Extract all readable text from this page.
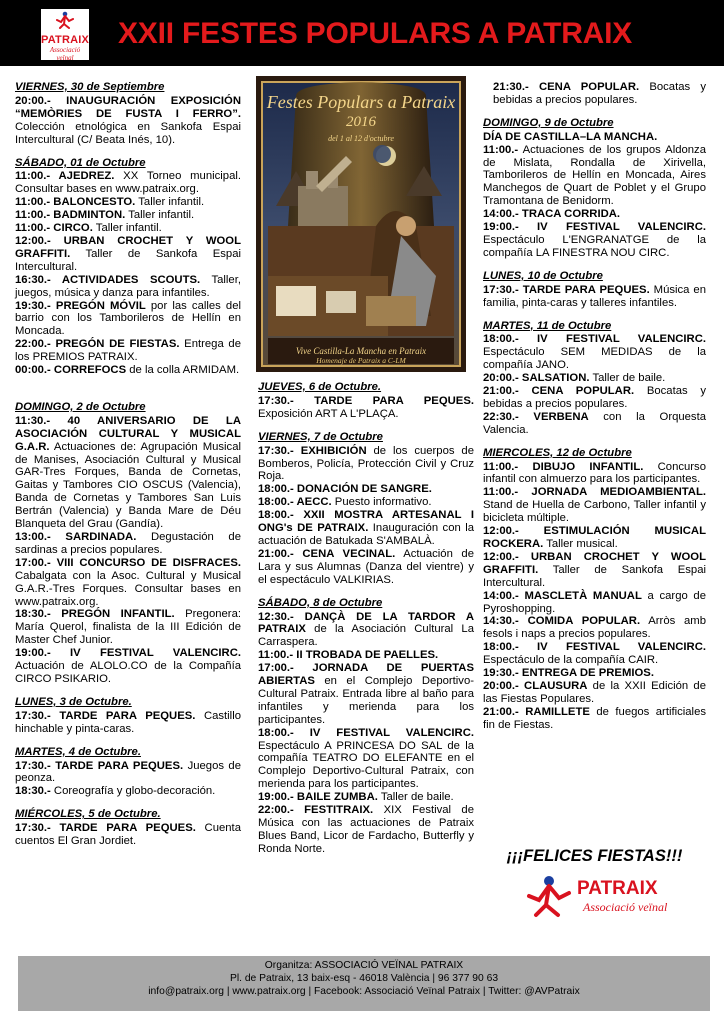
PATRAIX
Associació veïnal
XXII FESTES POPULARS A PATRAIX
VIERNES, 30 de Septiembre
20:00.- INAUGURACIÓN EXPOSICIÓN “MEMÒRIES DE FUSTA I FERRO”. Colección etnológica en Sankofa Espai Intercultural (C/ Beata Inés, 10).
SÁBADO, 01 de Octubre
11:00.- AJEDREZ. XX Torneo municipal. Consultar bases en www.patraix.org.
11:00.- BALONCESTO. Taller infantil.
11:00.- BADMINTON. Taller infantil.
11:00.- CIRCO. Taller infantil.
12:00.- URBAN CROCHET Y WOOL GRAFFITI. Taller de Sankofa Espai Intercultural.
16:30.- ACTIVIDADES SCOUTS. Taller, juegos, música y danza para infantiles.
19:30.- PREGÓN MÓVIL por las calles del barrio con los Tamborileros de Hellín en Moncada.
22:00.- PREGÓN DE FIESTAS. Entrega de los PREMIOS PATRAIX.
00:00.- CORREFOCS de la colla ARMIDAM.
DOMINGO, 2 de Octubre
11:30.- 40 ANIVERSARIO DE LA ASOCIACIÓN CULTURAL Y MUSICAL G.A.R. Actuaciones de: Agrupación Musical de Manises, Asociación Cultural y Musical GAR-Tres Forques, Banda de Cornetas, Gaitas y Tambores CIO OSCUS (Valencia), Banda de Cornetas y Tambores San Luis Bertrán (Valencia) y Banda Mare de Déu Blanqueta del Grau (Gandía).
13:00.- SARDINADA. Degustación de sardinas a precios populares.
17:00.- VIII CONCURSO DE DISFRACES. Cabalgata con la Asoc. Cultural y Musical G.A.R.-Tres Forques. Consultar bases en www.patraix.org.
18:30.- PREGÓN INFANTIL. Pregonera: María Querol, finalista de la III Edición de Master Chef Junior.
19:00.- IV FESTIVAL VALENCIRC. Actuación de ALOLO.CO de la Compañía CIRCO PSIKARIO.
LUNES, 3 de Octubre.
17:30.- TARDE PARA PEQUES. Castillo hinchable y pinta-caras.
MARTES, 4 de Octubre.
17:30.- TARDE PARA PEQUES. Juegos de peonza.
18:30.- Coreografía y globo-decoración.
MIÉRCOLES, 5 de Octubre.
17:30.- TARDE PARA PEQUES. Cuenta cuentos El Gran Jordiet.
Festes Populars a Patraix
2016
del 1 al 12 d'octubre
Vive Castilla-La Mancha en Patraix
Homenaje de Patraix a C-LM
JUEVES, 6 de Octubre.
17:30.- TARDE PARA PEQUES. Exposición ART A L'PLAÇA.
VIERNES, 7 de Octubre
17:30.- EXHIBICIÓN de los cuerpos de Bomberos, Policía, Protección Civil y Cruz Roja.
18:00.- DONACIÓN DE SANGRE.
18:00.- AECC. Puesto informativo.
18:00.- XXII MOSTRA ARTESANAL I ONG's DE PATRAIX. Inauguración con la actuación de Batukada S'AMBALÀ.
21:00.- CENA VECINAL. Actuación de Lara y sus Alumnas (Danza del vientre) y el espectáculo VALKIRIAS.
SÁBADO, 8 de Octubre
12:30.- DANÇÀ DE LA TARDOR A PATRAIX de la Asociación Cultural La Carraspera.
11:00.- II TROBADA DE PAELLES.
17:00.- JORNADA DE PUERTAS ABIERTAS en el Complejo Deportivo-Cultural Patraix. Entrada libre al baño para infantiles y merienda para los participantes.
18:00.- IV FESTIVAL VALENCIRC. Espectáculo A PRINCESA DO SAL de la compañía TEATRO DO ELEFANTE en el Complejo Deportivo-Cultural Patraix, con merienda para los participantes.
19:00.- BAILE ZUMBA. Taller de baile.
22:00.- FESTITRAIX. XIX Festival de Música con las actuaciones de Patraix Blues Band, Licor de Fardacho, Butterfly y Ronda Norte.
21:30.- CENA POPULAR. Bocatas y bebidas a precios populares.
DOMINGO, 9 de Octubre
DÍA DE CASTILLA–LA MANCHA.
11:00.- Actuaciones de los grupos Aldonza de Mislata, Rondalla de Xirivella, Tamborileros de Hellín en Moncada, Aires Manchegos de Quart de Poblet y el Grupo Tramontana de Benidorm.
14:00.- TRACA CORRIDA.
19:00.- IV FESTIVAL VALENCIRC. Espectáculo L'ENGRANATGE de la compañía LA FINESTRA NOU CIRC.
LUNES, 10 de Octubre
17:30.- TARDE PARA PEQUES. Música en familia, pinta-caras y talleres infantiles.
MARTES, 11 de Octubre
18:00.- IV FESTIVAL VALENCIRC. Espectáculo SEM MEDIDAS de la compañía JANO.
20:00.- SALSATION. Taller de baile.
21:00.- CENA POPULAR. Bocatas y bebidas a precios populares.
22:30.- VERBENA con la Orquesta Valencia.
MIERCOLES, 12 de Octubre
11:00.- DIBUJO INFANTIL. Concurso infantil con almuerzo para los participantes.
11:00.- JORNADA MEDIOAMBIENTAL. Stand de Huella de Carbono, Taller infantil y bicicleta múltiple.
12:00.- ESTIMULACIÓN MUSICAL ROCKERA. Taller musical.
12:00.- URBAN CROCHET Y WOOL GRAFFITI. Taller de Sankofa Espai Intercultural.
14:00.- MASCLETÀ MANUAL a cargo de Pyroshopping.
14:30.- COMIDA POPULAR. Arròs amb fesols i naps a precios populares.
18:00.- IV FESTIVAL VALENCIRC. Espectáculo de la compañía CAIR.
19:30.- ENTREGA DE PREMIOS.
20:00.- CLAUSURA de la XXII Edición de las Fiestas Populares.
21:00.- RAMILLETE de fuegos artificiales fin de Fiestas.
¡¡¡FELICES FIESTAS!!!
PATRAIX
Associació veïnal
Organitza: ASSOCIACIÓ VEÏNAL PATRAIX
Pl. de Patraix, 13 baix-esq - 46018 València | 96 377 90 63
info@patraix.org | www.patraix.org | Facebook: Associació Veïnal Patraix | Twitter: @AVPatraix
